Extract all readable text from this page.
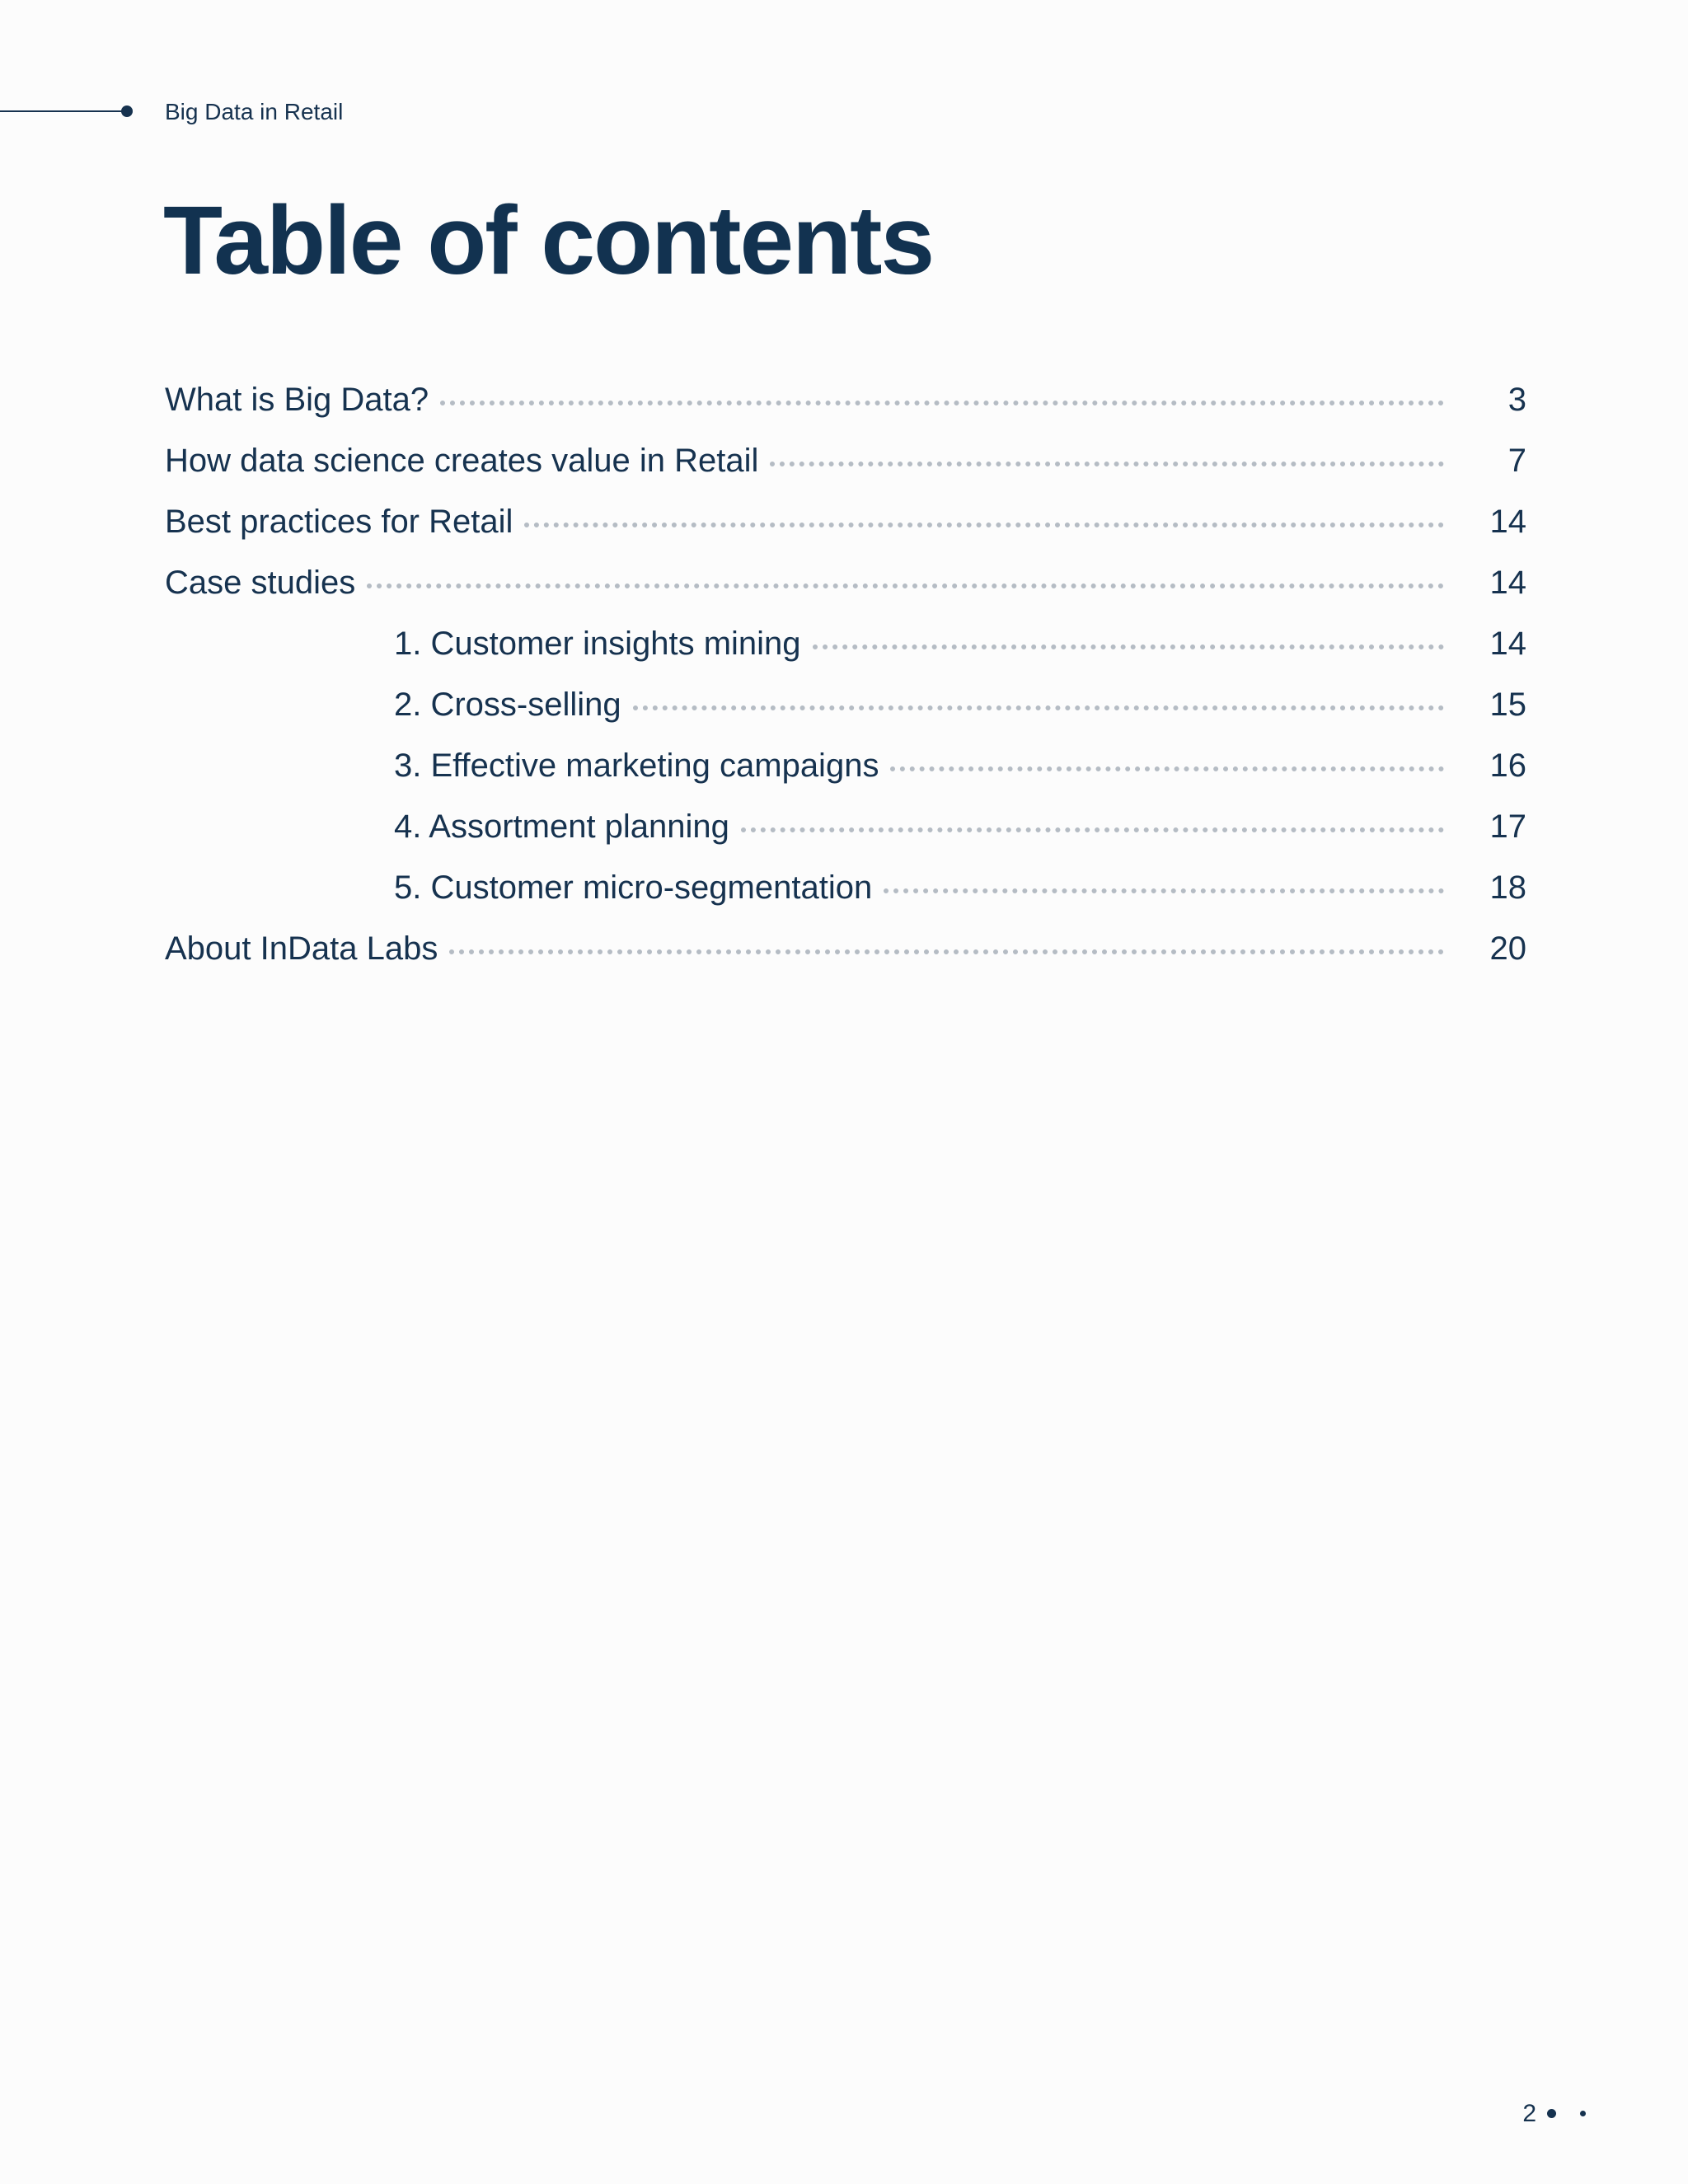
Big Data in Retail
Table of contents
What is Big Data?	3
How data science creates value in Retail	7
Best practices for Retail	14
Case studies	14
1. Customer insights mining	14
2. Cross-selling	15
3. Effective marketing campaigns	16
4. Assortment planning	17
5. Customer micro-segmentation	18
About InData Labs	20
2
